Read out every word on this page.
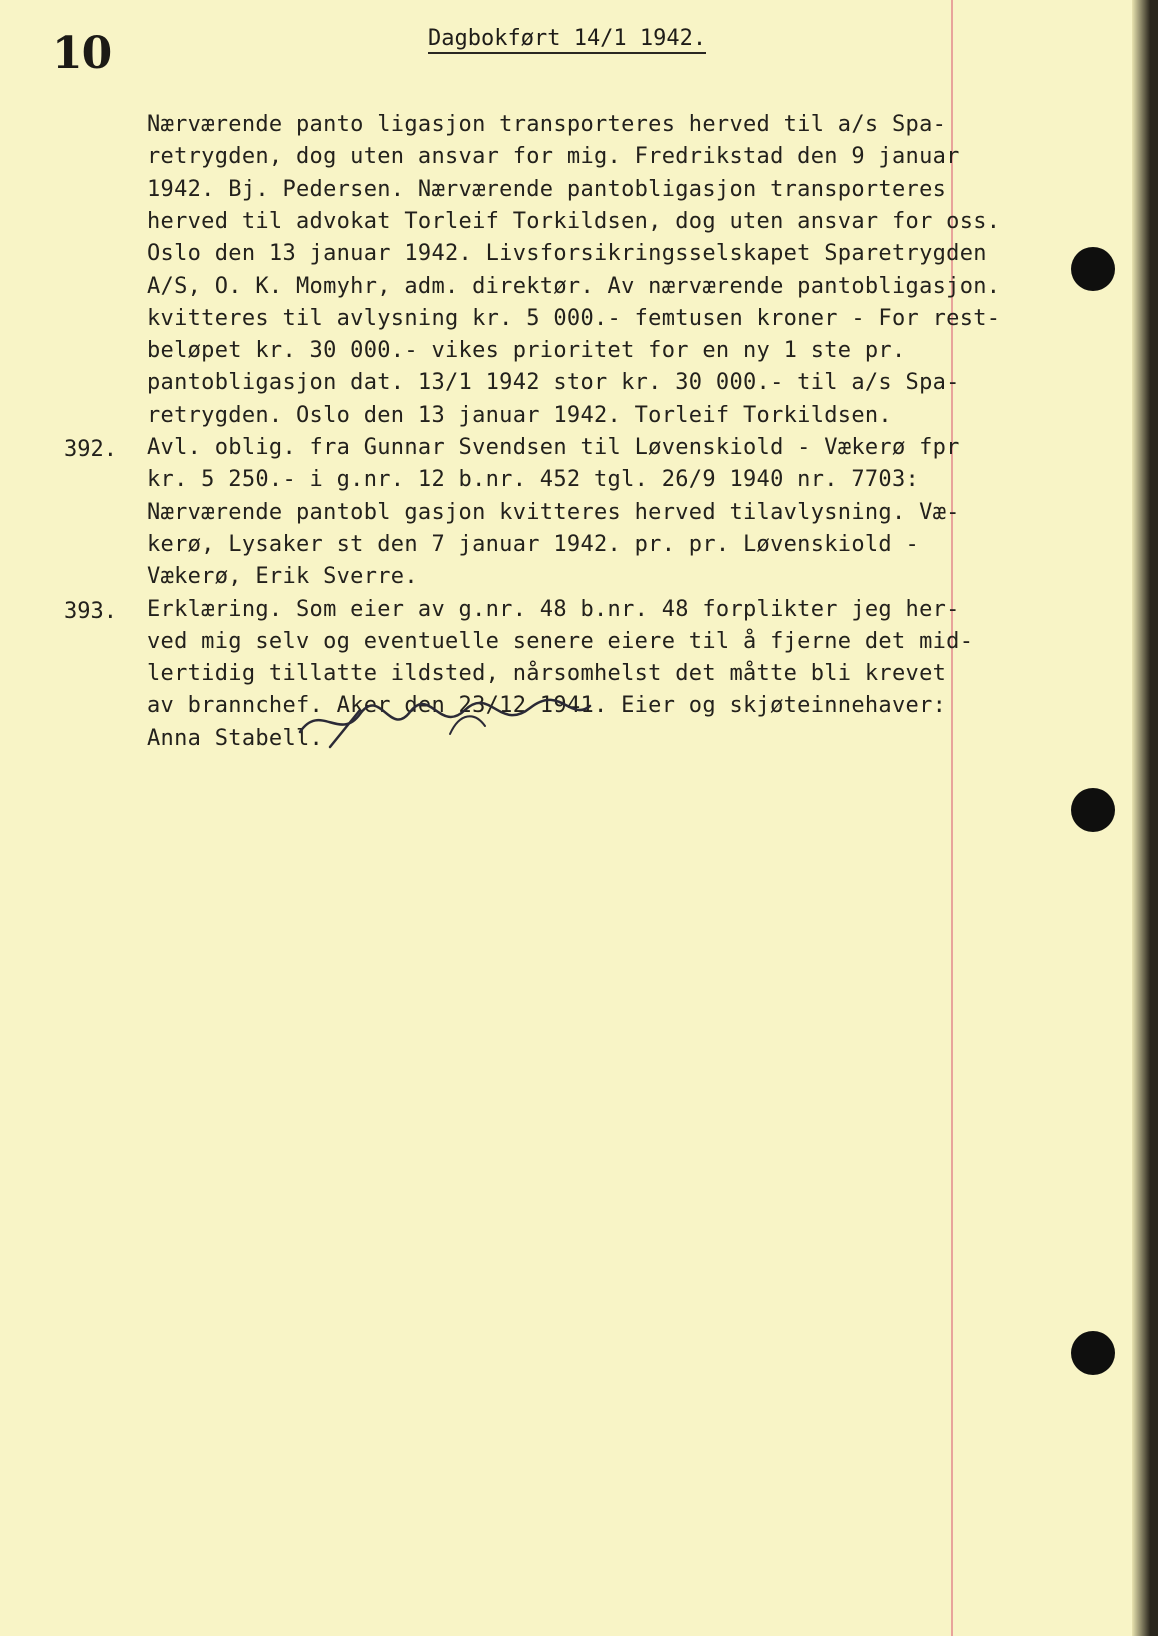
10	Dagbokført 14/1 1942.
Nærværende panto ligasjon transporteres herved til a/s Spa-
retrygden, dog uten ansvar for mig. Fredrikstad den 9 januar
1942. Bj. Pedersen. Nærværende pantobligasjon transporteres
herved til advokat Torleif Torkildsen, dog uten ansvar for oss.
Oslo den 13 januar 1942. Livsforsikringsselskapet Sparetrygden
A/S, O. K. Momyhr, adm. direktør. Av nærværende pantobligasjon.
kvitteres til avlysning kr. 5 000.- femtusen kroner - For rest-
beløpet kr. 30 000.- vikes prioritet for en ny 1 ste pr.
pantobligasjon dat. 13/1 1942 stor kr. 30 000.- til a/s Spa-
retrygden. Oslo den 13 januar 1942. Torleif Torkildsen.
Avl. oblig. fra Gunnar Svendsen til Løvenskiold - Vækerø fpr
kr. 5 250.- i g.nr. 12 b.nr. 452 tgl. 26/9 1940 nr. 7703:
Nærværende pantobl gasjon kvitteres herved tilavlysning. Væ-
kerø, Lysaker st den 7 januar 1942. pr. pr. Løvenskiold -
Vækerø, Erik Sverre.
Erklæring. Som eier av g.nr. 48 b.nr. 48 forplikter jeg her-
ved mig selv og eventuelle senere eiere til å fjerne det mid-
lertidig tillatte ildsted, nårsomhelst det måtte bli krevet
av brannchef. Aker den 23/12 1941. Eier og skjøteinnehaver:
Anna Stabell.
392.
393.
